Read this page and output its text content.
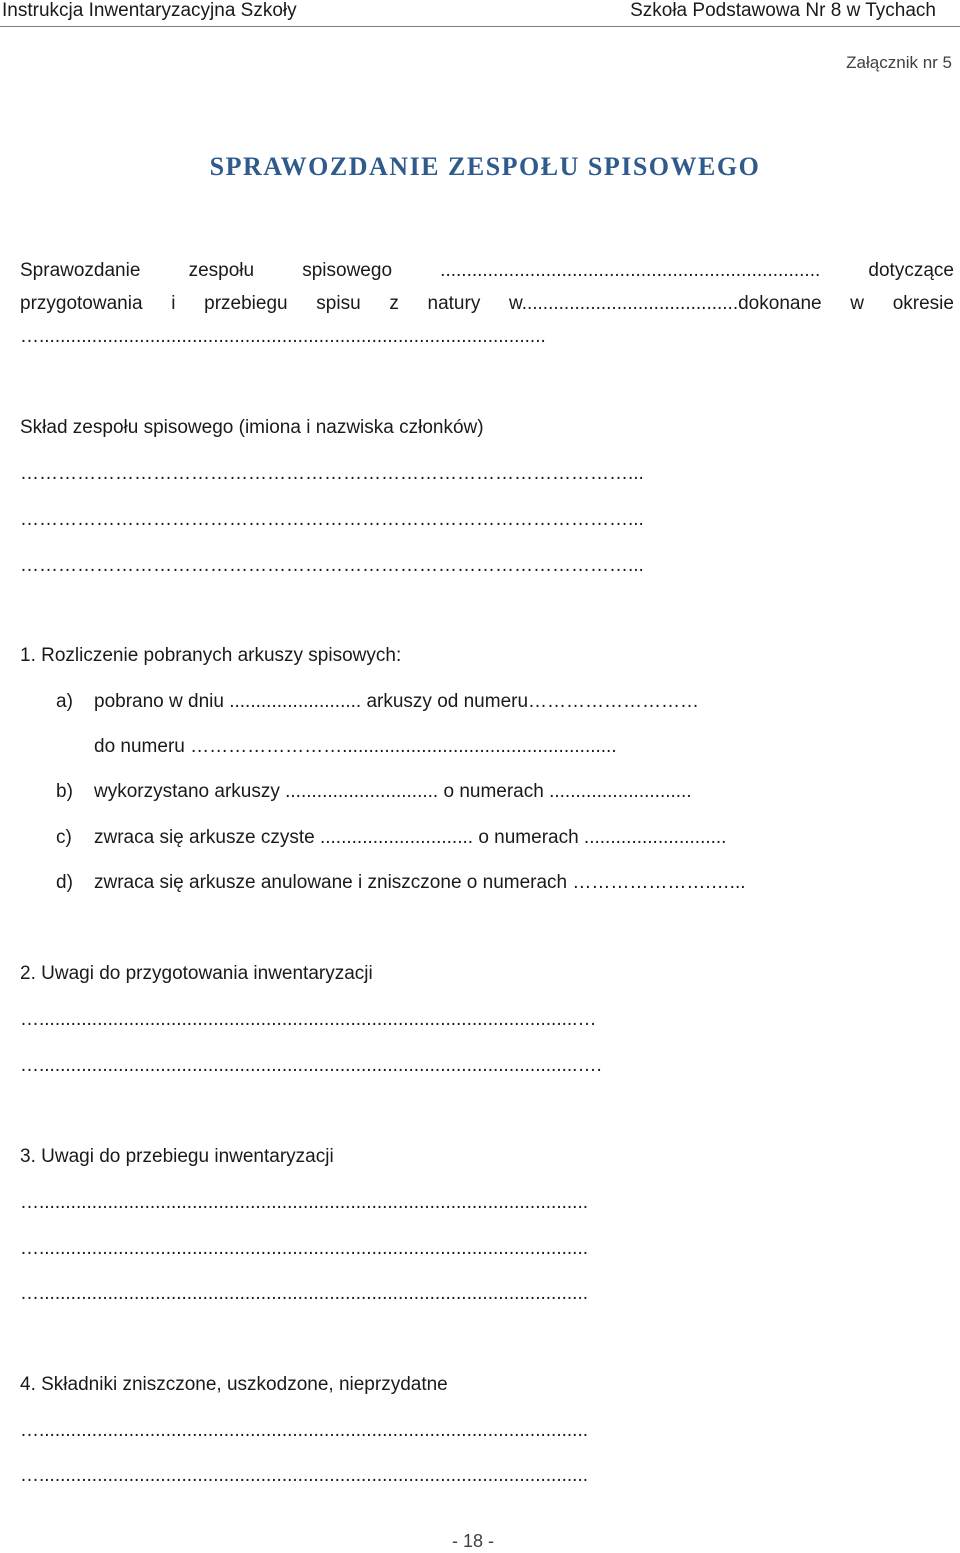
Instrukcja Inwentaryzacyjna Szkoły	Szkoła Podstawowa Nr 8 w Tychach
Załącznik nr 5
SPRAWOZDANIE ZESPOŁU SPISOWEGO
Sprawozdanie	zespołu	spisowego	........................................................................	dotyczące
przygotowania i przebiegu spisu z natury w.........................................dokonane w okresie
…................................................................................................
Skład zespołu spisowego (imiona i nazwiska członków)
……………………………………………………………………………………...
……………………………………………………………………………………...
……………………………………………………………………………………...
1. Rozliczenie pobranych arkuszy spisowych:
a) pobrano w dniu ......................... arkuszy od numeru………………………
do numeru ……………………....................................................
b) wykorzystano arkuszy ............................. o numerach ...........................
c) zwraca się arkusze czyste ............................. o numerach ...........................
d) zwraca się arkusze anulowane i zniszczone o numerach ………………….…...
2. Uwagi do przygotowania inwentaryzacji
…......................................................................................................…
…......................................................................................................….
3. Uwagi do przebiegu inwentaryzacji
…........................................................................................................
…........................................................................................................
…........................................................................................................
4. Składniki zniszczone, uszkodzone, nieprzydatne
…........................................................................................................
…........................................................................................................
- 18 -
